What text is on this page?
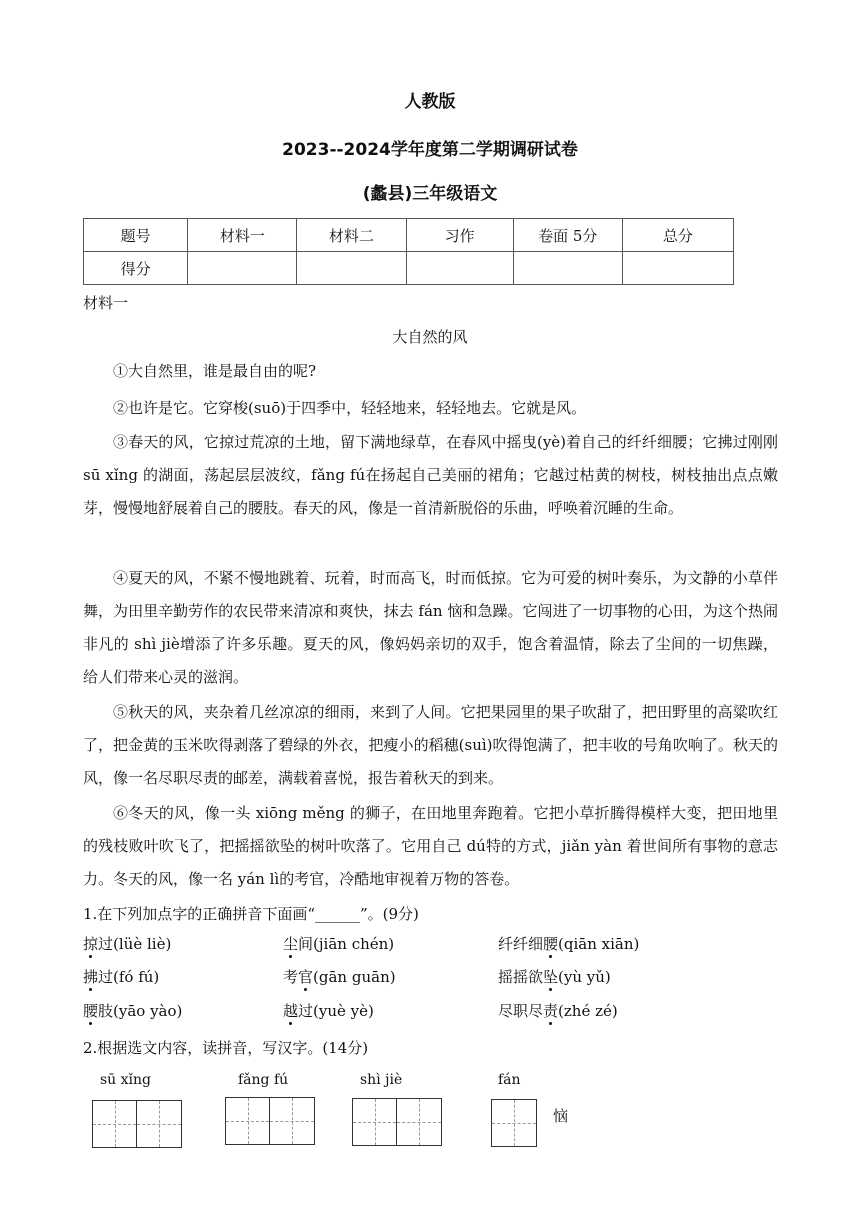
人教版
2023--2024学年度第二学期调研试卷
(蠡县)三年级语文
题号	材料一	材料二	习作	卷面 5分	总分
得分					
材料一
大自然的风
①大自然里，谁是最自由的呢?
②也许是它。它穿梭(suō)于四季中，轻轻地来，轻轻地去。它就是风。
③春天的风，它掠过荒凉的土地，留下满地绿草，在春风中摇曳(yè)着自己的纤纤细腰；它拂过刚刚 sū xǐng 的湖面，荡起层层波纹，fǎng fú在扬起自己美丽的裙角；它越过枯黄的树枝，树枝抽出点点嫩芽，慢慢地舒展着自己的腰肢。春天的风，像是一首清新脱俗的乐曲，呼唤着沉睡的生命。
④夏天的风，不紧不慢地跳着、玩着，时而高飞，时而低掠。它为可爱的树叶奏乐，为文静的小草伴舞，为田里辛勤劳作的农民带来清凉和爽快，抹去 fán 恼和急躁。它闯进了一切事物的心田，为这个热闹非凡的 shì jiè增添了许多乐趣。夏天的风，像妈妈亲切的双手，饱含着温情，除去了尘间的一切焦躁，给人们带来心灵的滋润。
⑤秋天的风，夹杂着几丝凉凉的细雨，来到了人间。它把果园里的果子吹甜了，把田野里的高粱吹红了，把金黄的玉米吹得剥落了碧绿的外衣，把瘦小的稻穗(suì)吹得饱满了，把丰收的号角吹响了。秋天的风，像一名尽职尽责的邮差，满载着喜悦，报告着秋天的到来。
⑥冬天的风，像一头 xiōng měng 的狮子，在田地里奔跑着。它把小草折腾得模样大变，把田地里的残枝败叶吹飞了，把摇摇欲坠的树叶吹落了。它用自己 dú特的方式，jiǎn yàn 着世间所有事物的意志力。冬天的风，像一名 yán lì的考官，冷酷地审视着万物的答卷。
1.在下列加点字的正确拼音下面画“______”。(9分)
掠过(lüè liè)	尘间(jiān chén)	纤纤细腰(qiān xiān)
拂过(fó fú)	考官(gān guān)	摇摇欲坠(yù yǔ)
腰肢(yāo yào)	越过(yuè yè)	尽职尽责(zhé zé)
2.根据选文内容，读拼音，写汉字。(14分)
sū xǐng	fǎng fú	shì jiè	fán
恼
